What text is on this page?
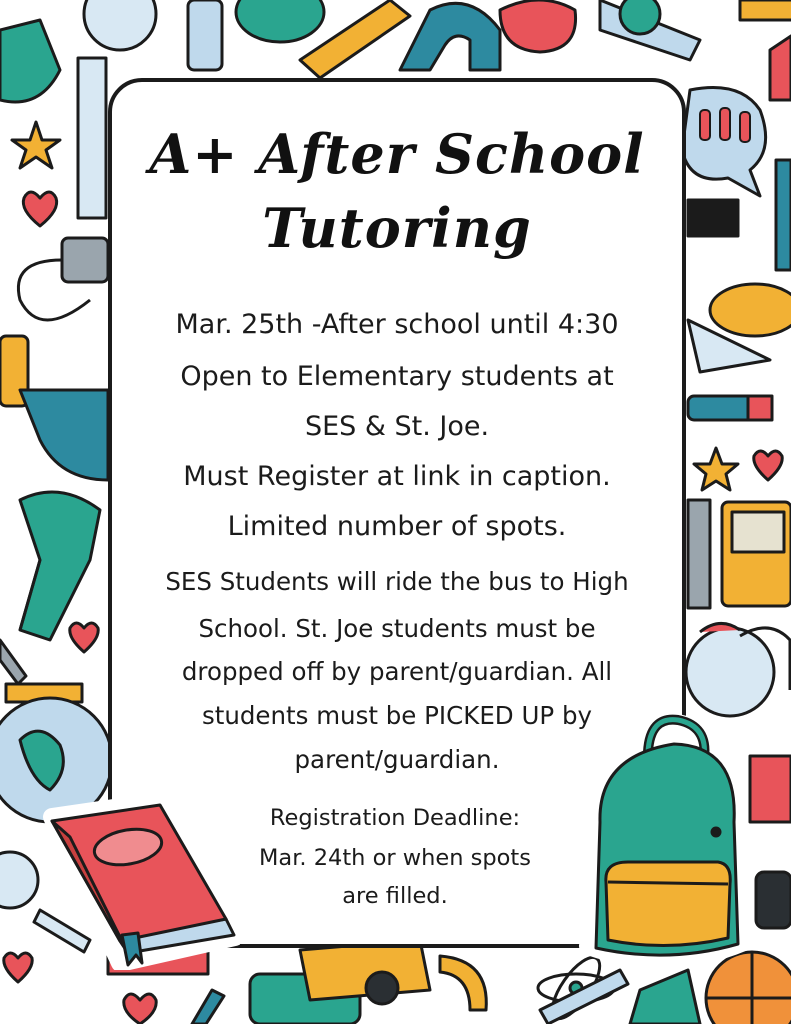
A+ After School
Tutoring

Mar. 25th -After school until 4:30

Open to Elementary students at

SES & St. Joe.

Must Register at link in caption.

Limited number of spots.

SES Students will ride the bus to High

School. St. Joe students must be

dropped off by parent/guardian. All

students must be PICKED UP by

parent/guardian.

Registration Deadline:

Mar. 24th or when spots

are filled.
